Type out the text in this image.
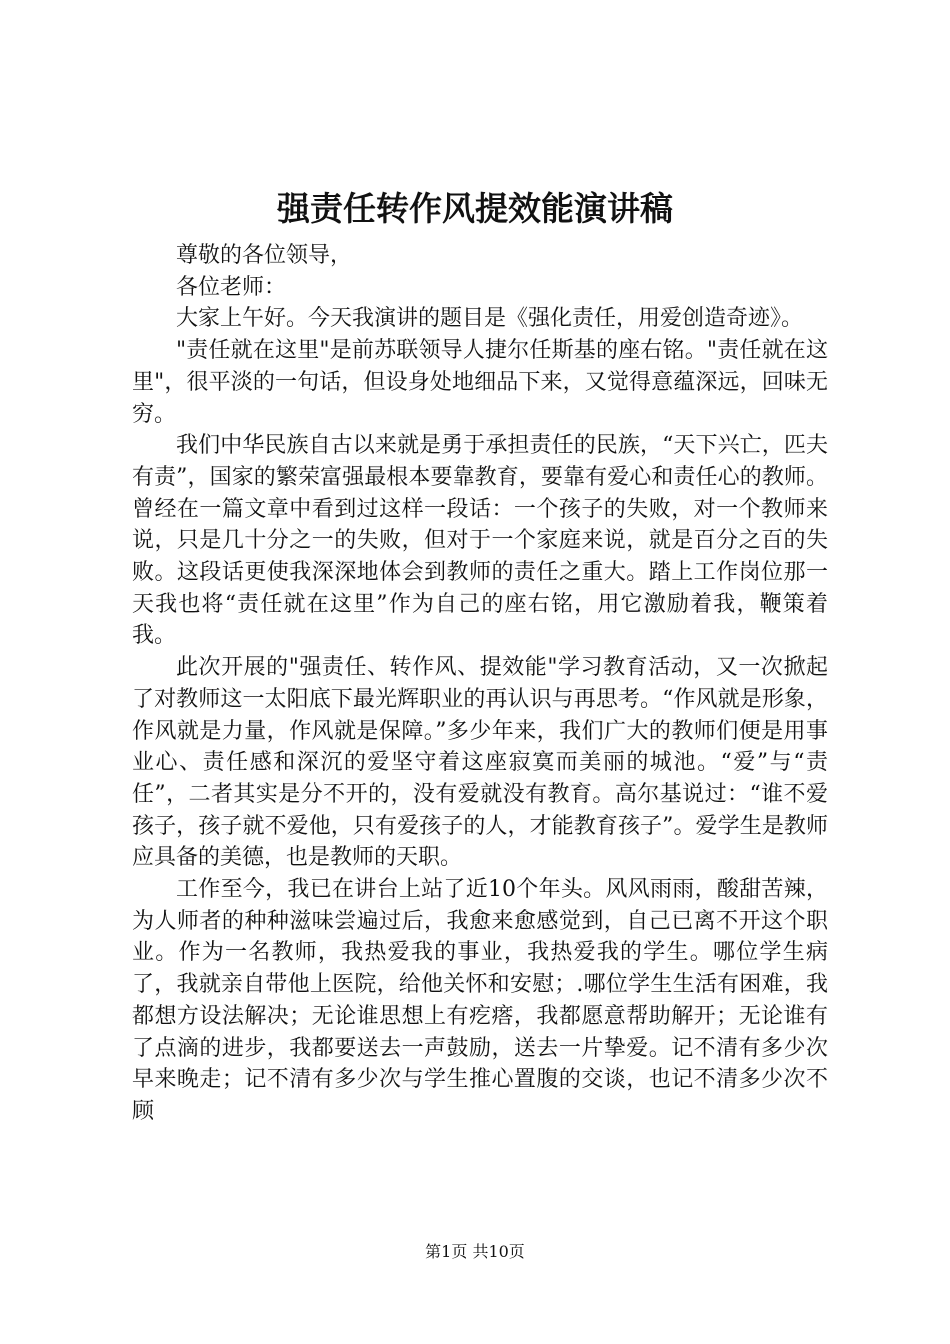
强责任转作风提效能演讲稿

尊敬的各位领导，

各位老师：

大家上午好。今天我演讲的题目是《强化责任，用爱创造奇迹》。

"责任就在这里"是前苏联领导人捷尔任斯基的座右铭。"责任就在这里"，很平淡的一句话，但设身处地细品下来，又觉得意蕴深远，回味无穷。

我们中华民族自古以来就是勇于承担责任的民族，“天下兴亡，匹夫有责”，国家的繁荣富强最根本要靠教育，要靠有爱心和责任心的教师。曾经在一篇文章中看到过这样一段话：一个孩子的失败，对一个教师来说，只是几十分之一的失败，但对于一个家庭来说，就是百分之百的失败。这段话更使我深深地体会到教师的责任之重大。踏上工作岗位那一天我也将“责任就在这里”作为自己的座右铭，用它激励着我，鞭策着我。

此次开展的"强责任、转作风、提效能"学习教育活动，又一次掀起了对教师这一太阳底下最光辉职业的再认识与再思考。“作风就是形象，作风就是力量，作风就是保障。”多少年来，我们广大的教师们便是用事业心、责任感和深沉的爱坚守着这座寂寞而美丽的城池。“爱”与“责任”，二者其实是分不开的，没有爱就没有教育。高尔基说过：“谁不爱孩子，孩子就不爱他，只有爱孩子的人，才能教育孩子”。爱学生是教师应具备的美德，也是教师的天职。

工作至今，我已在讲台上站了近10个年头。风风雨雨，酸甜苦辣，为人师者的种种滋味尝遍过后，我愈来愈感觉到，自己已离不开这个职业。作为一名教师，我热爱我的事业，我热爱我的学生。哪位学生病了，我就亲自带他上医院，给他关怀和安慰；.哪位学生生活有困难，我都想方设法解决；无论谁思想上有疙瘩，我都愿意帮助解开；无论谁有了点滴的进步，我都要送去一声鼓励，送去一片挚爱。记不清有多少次早来晚走；记不清有多少次与学生推心置腹的交谈，也记不清多少次不顾

第1页 共10页
